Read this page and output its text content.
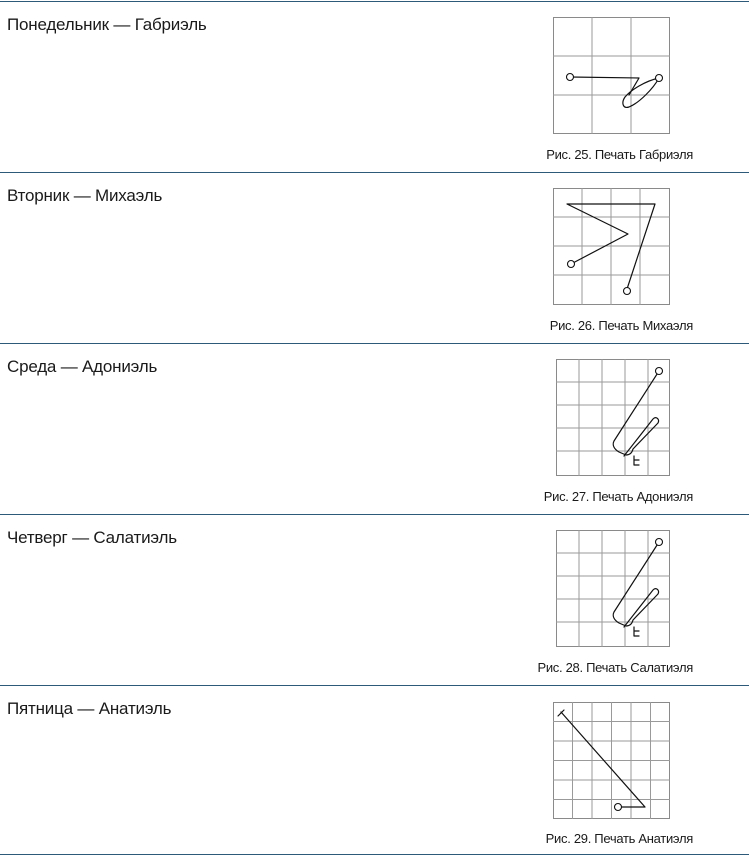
Понедельник — Габриэль
Рис. 25. Печать Габриэля
Вторник — Михаэль
Рис. 26. Печать Михаэля
Среда — Адониэль
Рис. 27. Печать Адониэля
Четверг — Салатиэль
Рис. 28. Печать Салатиэля
Пятница — Анатиэль
Рис. 29. Печать Анатиэля
